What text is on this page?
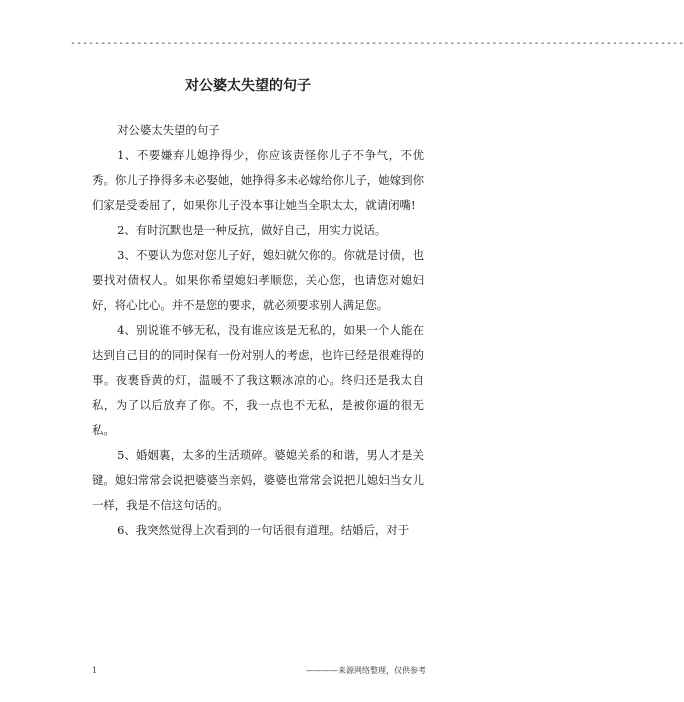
------------------------------------------------------------------------------------------------------
对公婆太失望的句子

对公婆太失望的句子

1、不要嫌弃儿媳挣得少，你应该责怪你儿子不争气，不优秀。你儿子挣得多未必娶她，她挣得多未必嫁给你儿子，她嫁到你们家是受委屈了，如果你儿子没本事让她当全职太太，就请闭嘴!

2、有时沉默也是一种反抗，做好自己，用实力说话。

3、不要认为您对您儿子好，媳妇就欠你的。你就是讨债，也要找对债权人。如果你希望媳妇孝顺您，关心您，也请您对媳妇好，将心比心。并不是您的要求，就必须要求别人满足您。

4、别说谁不够无私，没有谁应该是无私的，如果一个人能在达到自己目的的同时保有一份对别人的考虑，也许已经是很难得的事。夜裹昏黄的灯，温暖不了我这颗冰凉的心。终归还是我太自私，为了以后放弃了你。不，我一点也不无私，是被你逼的很无私。

5、婚姻裏，太多的生活琐碎。婆媳关系的和谐，男人才是关键。媳妇常常会说把婆婆当亲妈，婆婆也常常会说把儿媳妇当女儿一样，我是不信这句话的。

6、我突然觉得上次看到的一句话很有道理。结婚后，对于

1	————来源网络整理，仅供参考
